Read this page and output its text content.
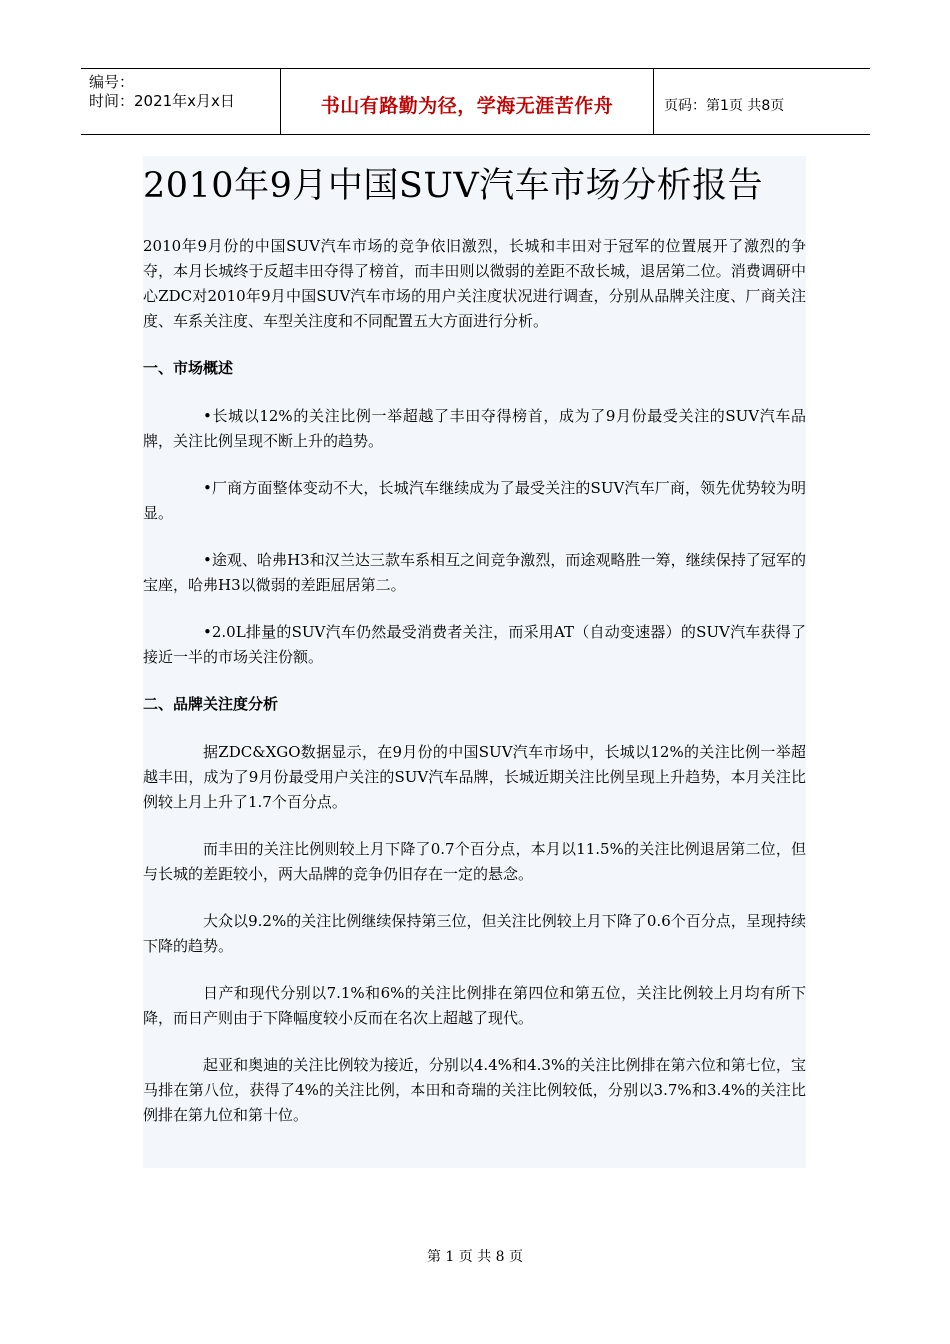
编号：
时间：2021年x月x日	书山有路勤为径，学海无涯苦作舟	页码：第1页 共8页
2010年9月中国SUV汽车市场分析报告

2010年9月份的中国SUV汽车市场的竞争依旧激烈，长城和丰田对于冠军的位置展开了激烈的争夺，本月长城终于反超丰田夺得了榜首，而丰田则以微弱的差距不敌长城，退居第二位。消费调研中心ZDC对2010年9月中国SUV汽车市场的用户关注度状况进行调查，分别从品牌关注度、厂商关注度、车系关注度、车型关注度和不同配置五大方面进行分析。

一、市场概述

•长城以12%的关注比例一举超越了丰田夺得榜首，成为了9月份最受关注的SUV汽车品牌，关注比例呈现不断上升的趋势。

•厂商方面整体变动不大，长城汽车继续成为了最受关注的SUV汽车厂商，领先优势较为明显。

•途观、哈弗H3和汉兰达三款车系相互之间竞争激烈，而途观略胜一筹，继续保持了冠军的宝座，哈弗H3以微弱的差距屈居第二。

•2.0L排量的SUV汽车仍然最受消费者关注，而采用AT（自动变速器）的SUV汽车获得了接近一半的市场关注份额。

二、品牌关注度分析

据ZDC&XGO数据显示，在9月份的中国SUV汽车市场中，长城以12%的关注比例一举超越丰田，成为了9月份最受用户关注的SUV汽车品牌，长城近期关注比例呈现上升趋势，本月关注比例较上月上升了1.7个百分点。

而丰田的关注比例则较上月下降了0.7个百分点，本月以11.5%的关注比例退居第二位，但与长城的差距较小，两大品牌的竞争仍旧存在一定的悬念。

大众以9.2%的关注比例继续保持第三位，但关注比例较上月下降了0.6个百分点，呈现持续下降的趋势。

日产和现代分别以7.1%和6%的关注比例排在第四位和第五位，关注比例较上月均有所下降，而日产则由于下降幅度较小反而在名次上超越了现代。

起亚和奥迪的关注比例较为接近，分别以4.4%和4.3%的关注比例排在第六位和第七位，宝马排在第八位，获得了4%的关注比例，本田和奇瑞的关注比例较低，分别以3.7%和3.4%的关注比例排在第九位和第十位。

第 1 页 共 8 页
